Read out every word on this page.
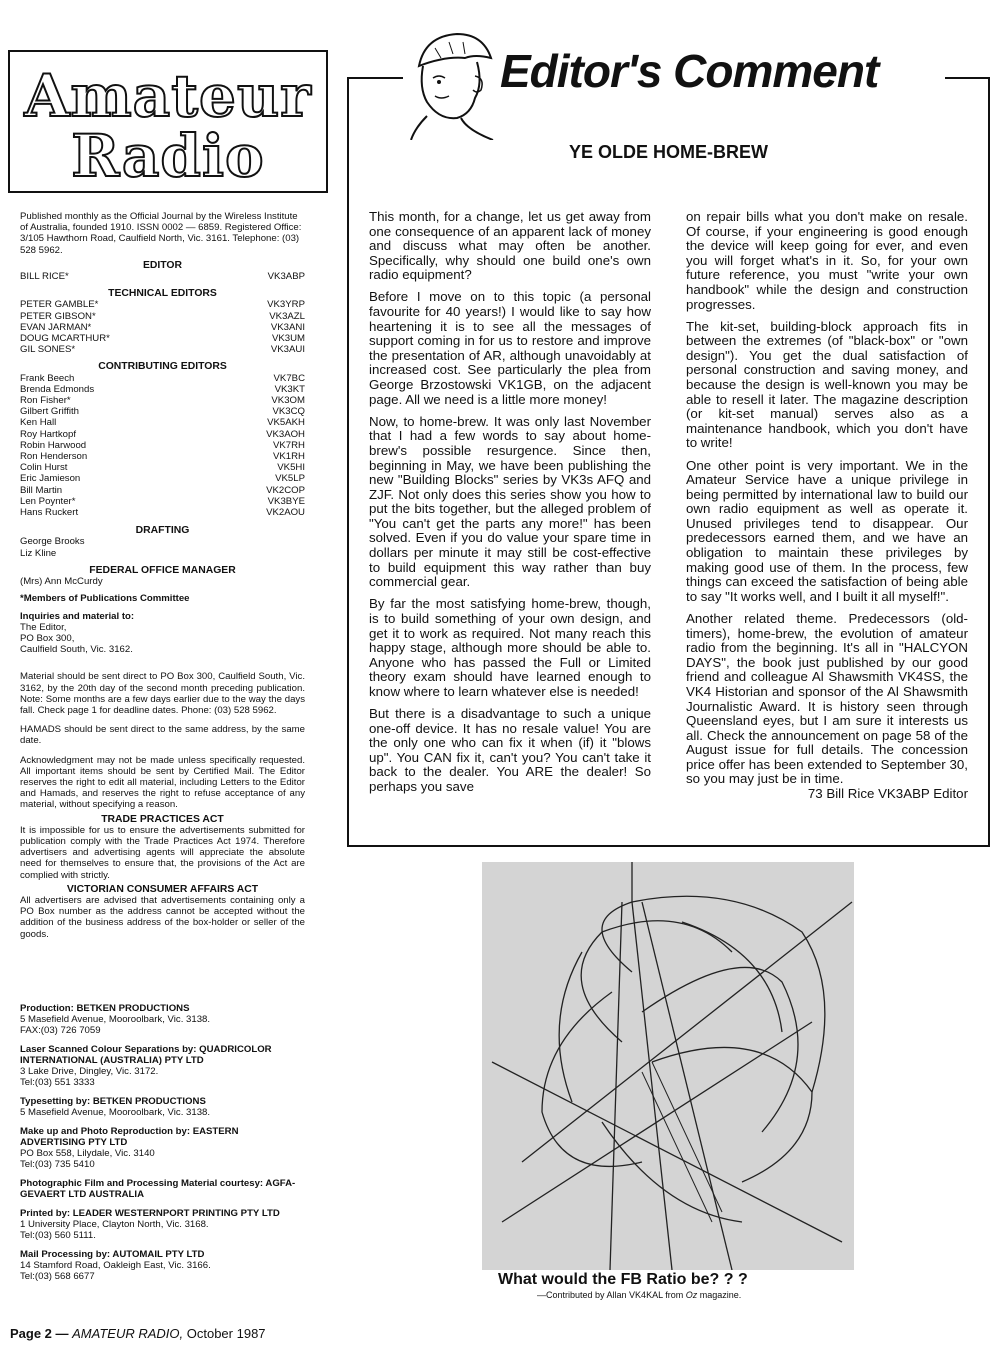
Amateur
Radio

Published monthly as the Official Journal by the Wireless Institute of Australia, founded 1910. ISSN 0002 — 6859. Registered Office: 3/105 Hawthorn Road, Caulfield North, Vic. 3161. Telephone: (03) 528 5962.

EDITOR
BILL RICE*	VK3ABP
TECHNICAL EDITORS
PETER GAMBLE*	VK3YRP
PETER GIBSON*	VK3AZL
EVAN JARMAN*	VK3ANI
DOUG MCARTHUR*	VK3UM
GIL SONES*	VK3AUI
CONTRIBUTING EDITORS
Frank Beech	VK7BC
Brenda Edmonds	VK3KT
Ron Fisher*	VK3OM
Gilbert Griffith	VK3CQ
Ken Hall	VK5AKH
Roy Hartkopf	VK3AOH
Robin Harwood	VK7RH
Ron Henderson	VK1RH
Colin Hurst	VK5HI
Eric Jamieson	VK5LP
Bill Martin	VK2COP
Len Poynter*	VK3BYE
Hans Ruckert	VK2AOU
DRAFTING
George Brooks
Liz Kline
FEDERAL OFFICE MANAGER
(Mrs) Ann McCurdy
*Members of Publications Committee
Inquiries and material to:
The Editor,
PO Box 300,
Caulfield South, Vic. 3162.

Material should be sent direct to PO Box 300, Caulfield South, Vic. 3162, by the 20th day of the second month preceding publication. Note: Some months are a few days earlier due to the way the days fall. Check page 1 for deadline dates. Phone: (03) 528 5962.

HAMADS should be sent direct to the same address, by the same date.

Acknowledgment may not be made unless specifically requested. All important items should be sent by Certified Mail. The Editor reserves the right to edit all material, including Letters to the Editor and Hamads, and reserves the right to refuse acceptance of any material, without specifying a reason.

TRADE PRACTICES ACT

It is impossible for us to ensure the advertisements submitted for publication comply with the Trade Practices Act 1974. Therefore advertisers and advertising agents will appreciate the absolute need for themselves to ensure that, the provisions of the Act are complied with strictly.

VICTORIAN CONSUMER AFFAIRS ACT

All advertisers are advised that advertisements containing only a PO Box number as the address cannot be accepted without the addition of the business address of the box-holder or seller of the goods.

Production: BETKEN PRODUCTIONS
5 Masefield Avenue, Mooroolbark, Vic. 3138.
FAX:(03) 726 7059
Laser Scanned Colour Separations by: QUADRICOLOR INTERNATIONAL (AUSTRALIA) PTY LTD
3 Lake Drive, Dingley, Vic. 3172.
Tel:(03) 551 3333
Typesetting by: BETKEN PRODUCTIONS
5 Masefield Avenue, Mooroolbark, Vic. 3138.
Make up and Photo Reproduction by: EASTERN ADVERTISING PTY LTD
PO Box 558, Lilydale, Vic. 3140
Tel:(03) 735 5410
Photographic Film and Processing Material courtesy: AGFA-GEVAERT LTD AUSTRALIA
Printed by: LEADER WESTERNPORT PRINTING PTY LTD
1 University Place, Clayton North, Vic. 3168.
Tel:(03) 560 5111.
Mail Processing by: AUTOMAIL PTY LTD
14 Stamford Road, Oakleigh East, Vic. 3166.
Tel:(03) 568 6677
Editor's Comment
YE OLDE HOME-BREW

This month, for a change, let us get away from one consequence of an apparent lack of money and discuss what may often be another. Specifically, why should one build one's own radio equipment?

Before I move on to this topic (a personal favourite for 40 years!) I would like to say how heartening it is to see all the messages of support coming in for us to restore and improve the presentation of AR, although unavoidably at increased cost. See particularly the plea from George Brzostowski VK1GB, on the adjacent page. All we need is a little more money!

Now, to home-brew. It was only last November that I had a few words to say about home-brew's possible resurgence. Since then, beginning in May, we have been publishing the new "Building Blocks" series by VK3s AFQ and ZJF. Not only does this series show you how to put the bits together, but the alleged problem of "You can't get the parts any more!" has been solved. Even if you do value your spare time in dollars per minute it may still be cost-effective to build equipment this way rather than buy commercial gear.

By far the most satisfying home-brew, though, is to build something of your own design, and get it to work as required. Not many reach this happy stage, although more should be able to. Anyone who has passed the Full or Limited theory exam should have learned enough to know where to learn whatever else is needed!

But there is a disadvantage to such a unique one-off device. It has no resale value! You are the only one who can fix it when (if) it "blows up". You CAN fix it, can't you? You can't take it back to the dealer. You ARE the dealer! So perhaps you save

on repair bills what you don't make on resale. Of course, if your engineering is good enough the device will keep going for ever, and even you will forget what's in it. So, for your own future reference, you must "write your own handbook" while the design and construction progresses.

The kit-set, building-block approach fits in between the extremes (of "black-box" or "own design"). You get the dual satisfaction of personal construction and saving money, and because the design is well-known you may be able to resell it later. The magazine description (or kit-set manual) serves also as a maintenance handbook, which you don't have to write!

One other point is very important. We in the Amateur Service have a unique privilege in being permitted by international law to build our own radio equipment as well as operate it. Unused privileges tend to disappear. Our predecessors earned them, and we have an obligation to maintain these privileges by making good use of them. In the process, few things can exceed the satisfaction of being able to say "It works well, and I built it all myself!".

Another related theme. Predecessors (old-timers), home-brew, the evolution of amateur radio from the beginning. It's all in "HALCYON DAYS", the book just published by our good friend and colleague Al Shawsmith VK4SS, the VK4 Historian and sponsor of the Al Shawsmith Journalistic Award. It is history seen through Queensland eyes, but I am sure it interests us all. Check the announcement on page 58 of the August issue for full details. The concession price offer has been extended to September 30, so you may just be in time.

73 Bill Rice VK3ABP Editor
What would the FB Ratio be? ? ?
—Contributed by Allan VK4KAL from Oz magazine.
Page 2 — AMATEUR RADIO, October 1987
